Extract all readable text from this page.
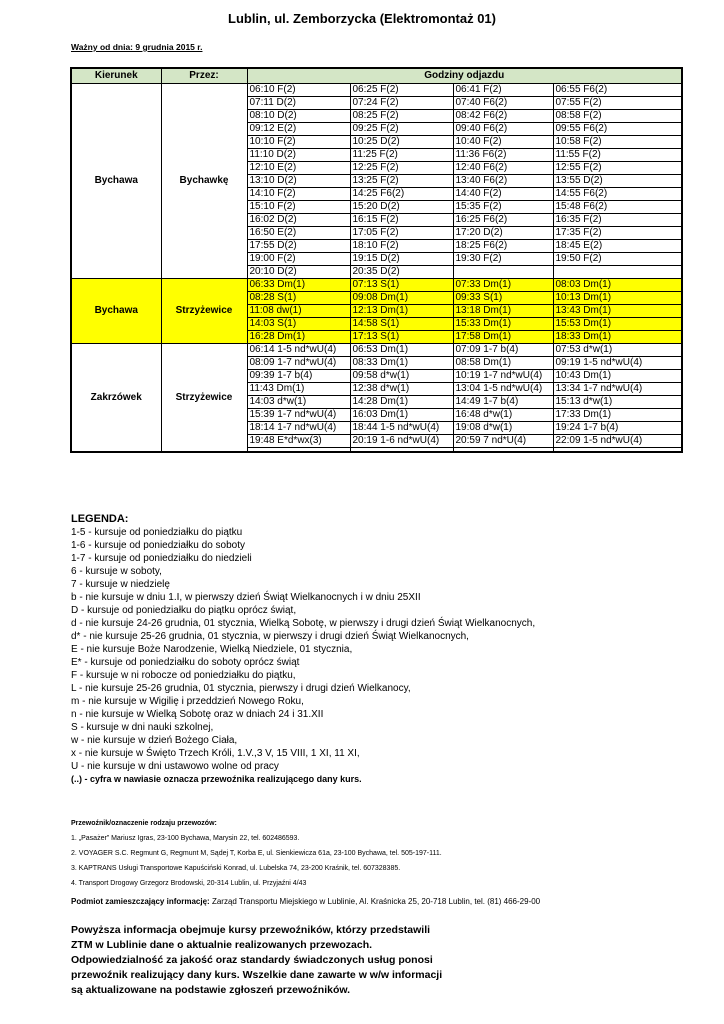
Lublin, ul. Zemborzycka (Elektromontaż 01)
Ważny od dnia: 9 grudnia 2015 r.
Kierunek	Przez:	Godziny odjazdu			
Bychawa	Bychawkę	06:10 F(2)	06:25 F(2)	06:41 F(2)	06:55 F6(2)
		07:11 D(2)	07:24 F(2)	07:40 F6(2)	07:55 F(2)
		08:10 D(2)	08:25 F(2)	08:42 F6(2)	08:58 F(2)
		09:12 E(2)	09:25 F(2)	09:40 F6(2)	09:55 F6(2)
		10:10 F(2)	10:25 D(2)	10:40 F(2)	10:58 F(2)
		11:10 D(2)	11:25 F(2)	11:36 F6(2)	11:55 F(2)
		12:10 E(2)	12:25 F(2)	12:40 F6(2)	12:55 F(2)
		13:10 D(2)	13:25 F(2)	13:40 F6(2)	13:55 D(2)
		14:10 F(2)	14:25 F6(2)	14:40 F(2)	14:55 F6(2)
		15:10 F(2)	15:20 D(2)	15:35 F(2)	15:48 F6(2)
		16:02 D(2)	16:15 F(2)	16:25 F6(2)	16:35 F(2)
		16:50 E(2)	17:05 F(2)	17:20 D(2)	17:35 F(2)
		17:55 D(2)	18:10 F(2)	18:25 F6(2)	18:45 E(2)
		19:00 F(2)	19:15 D(2)	19:30 F(2)	19:50 F(2)
		20:10 D(2)	20:35 D(2)		
Bychawa	Strzyżewice	06:33 Dm(1)	07:13 S(1)	07:33 Dm(1)	08:03 Dm(1)
		08:28 S(1)	09:08 Dm(1)	09:33 S(1)	10:13 Dm(1)
		11:08 dw(1)	12:13 Dm(1)	13:18 Dm(1)	13:43 Dm(1)
		14:03 S(1)	14:58 S(1)	15:33 Dm(1)	15:53 Dm(1)
		16:28 Dm(1)	17:13 S(1)	17:58 Dm(1)	18:33 Dm(1)
Zakrzówek	Strzyżewice	06:14 1-5 nd*wU(4)	06:53 Dm(1)	07:09 1-7 b(4)	07:53 d*w(1)
		08:09 1-7 nd*wU(4)	08:33 Dm(1)	08:58 Dm(1)	09:19 1-5 nd*wU(4)
		09:39 1-7 b(4)	09:58 d*w(1)	10:19 1-7 nd*wU(4)	10:43 Dm(1)
		11:43 Dm(1)	12:38 d*w(1)	13:04 1-5 nd*wU(4)	13:34 1-7 nd*wU(4)
		14:03 d*w(1)	14:28 Dm(1)	14:49 1-7 b(4)	15:13 d*w(1)
		15:39 1-7 nd*wU(4)	16:03 Dm(1)	16:48 d*w(1)	17:33 Dm(1)
		18:14 1-7 nd*wU(4)	18:44 1-5 nd*wU(4)	19:08 d*w(1)	19:24 1-7 b(4)
		19:48 E*d*wx(3)	20:19 1-6 nd*wU(4)	20:59 7 nd*U(4)	22:09 1-5 nd*wU(4)

LEGENDA:
1-5 - kursuje od poniedziałku do piątku
1-6 - kursuje od poniedziałku do soboty
1-7 - kursuje od poniedziałku do niedzieli
6 - kursuje w soboty,
7 - kursuje w niedzielę
b - nie kursuje w dniu 1.I, w pierwszy dzień Świąt Wielkanocnych i w dniu 25XII
D - kursuje od poniedziałku do piątku oprócz świąt,
d - nie kursuje 24-26 grudnia, 01 stycznia, Wielką Sobotę, w pierwszy i drugi dzień Świąt Wielkanocnych,
d* - nie kursuje 25-26 grudnia, 01 stycznia, w pierwszy i drugi dzień Świąt Wielkanocnych,
E - nie kursuje Boże Narodzenie, Wielką Niedziele, 01 stycznia,
E* - kursuje od poniedziałku do soboty oprócz świąt
F - kursuje w ni robocze od poniedziałku do piątku,
L - nie kursuje 25-26 grudnia, 01 stycznia, pierwszy i drugi dzień Wielkanocy,
m - nie kursuje w Wigilię i przeddzień Nowego Roku,
n - nie kursuje w Wielką Sobotę oraz w dniach 24 i 31.XII
S - kursuje w dni nauki szkolnej,
w - nie kursuje w dzień Bożego Ciała,
x - nie kursuje w Święto Trzech Króli, 1.V.,3 V, 15 VIII, 1 XI, 11 XI,
U - nie kursuje w dni ustawowo wolne od pracy
(..) - cyfra w nawiasie oznacza przewoźnika realizującego dany kurs.
Przewoźnik/oznaczenie rodzaju przewozów:
1. „Pasażer” Mariusz Igras, 23-100 Bychawa, Marysin 22, tel. 602486593.
2. VOYAGER S.C. Regmunt G, Regmunt M, Sądej T, Korba E, ul. Sienkiewicza 61a, 23-100 Bychawa, tel. 505-197-111.
3. KAPTRANS Usługi Transportowe Kapuściński Konrad, ul. Lubelska 74, 23-200 Kraśnik, tel. 607328385.
4. Transport Drogowy Grzegorz Brodowski, 20-314 Lublin, ul. Przyjaźni 4/43
Podmiot zamieszczający informację: Zarząd Transportu Miejskiego w Lublinie, Al. Kraśnicka 25, 20-718 Lublin, tel. (81) 466-29-00
Powyższa informacja obejmuje kursy przewoźników, którzy przedstawili
ZTM w Lublinie dane o aktualnie realizowanych przewozach.
Odpowiedzialność za jakość oraz standardy świadczonych usług ponosi
przewoźnik realizujący dany kurs. Wszelkie dane zawarte w w/w informacji
są aktualizowane na podstawie zgłoszeń przewoźników.
